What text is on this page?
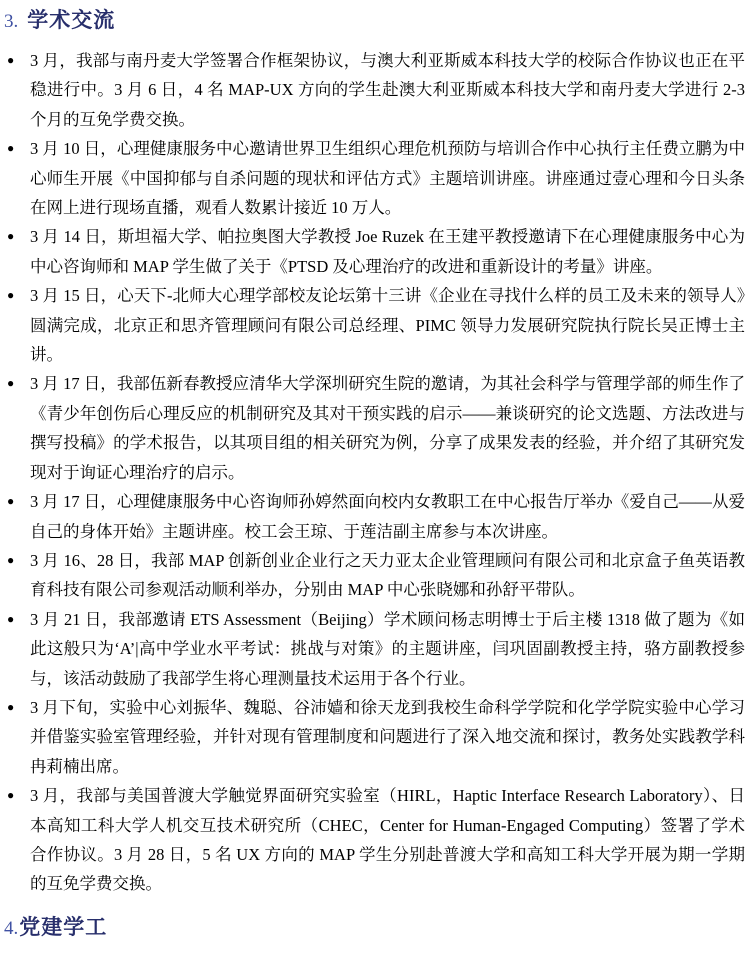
3. 学术交流
● 3 月，我部与南丹麦大学签署合作框架协议，与澳大利亚斯威本科技大学的校际合作协议也正在平稳进行中。3 月 6 日，4 名 MAP-UX 方向的学生赴澳大利亚斯威本科技大学和南丹麦大学进行 2-3 个月的互免学费交换。
● 3 月 10 日，心理健康服务中心邀请世界卫生组织心理危机预防与培训合作中心执行主任费立鹏为中心师生开展《中国抑郁与自杀问题的现状和评估方式》主题培训讲座。讲座通过壹心理和今日头条在网上进行现场直播，观看人数累计接近 10 万人。
● 3 月 14 日，斯坦福大学、帕拉奥图大学教授 Joe Ruzek 在王建平教授邀请下在心理健康服务中心为中心咨询师和 MAP 学生做了关于《PTSD 及心理治疗的改进和重新设计的考量》讲座。
● 3 月 15 日，心天下-北师大心理学部校友论坛第十三讲《企业在寻找什么样的员工及未来的领导人》圆满完成，北京正和思齐管理顾问有限公司总经理、PIMC 领导力发展研究院执行院长吴正博士主讲。
● 3 月 17 日，我部伍新春教授应清华大学深圳研究生院的邀请，为其社会科学与管理学部的师生作了《青少年创伤后心理反应的机制研究及其对干预实践的启示——兼谈研究的论文选题、方法改进与撰写投稿》的学术报告，以其项目组的相关研究为例，分享了成果发表的经验，并介绍了其研究发现对于询证心理治疗的启示。
● 3 月 17 日，心理健康服务中心咨询师孙婷然面向校内女教职工在中心报告厅举办《爱自己——从爱自己的身体开始》主题讲座。校工会王琼、于莲洁副主席参与本次讲座。
● 3 月 16、28 日，我部 MAP 创新创业企业行之天力亚太企业管理顾问有限公司和北京盒子鱼英语教育科技有限公司参观活动顺利举办，分别由 MAP 中心张晓娜和孙舒平带队。
● 3 月 21 日，我部邀请 ETS Assessment（Beijing）学术顾问杨志明博士于后主楼 1318 做了题为《如此这般只为‘A’|高中学业水平考试：挑战与对策》的主题讲座，闫巩固副教授主持，骆方副教授参与，该活动鼓励了我部学生将心理测量技术运用于各个行业。
● 3 月下旬，实验中心刘振华、魏聪、谷沛嫱和徐天龙到我校生命科学学院和化学学院实验中心学习并借鉴实验室管理经验，并针对现有管理制度和问题进行了深入地交流和探讨，教务处实践教学科冉莉楠出席。
● 3 月，我部与美国普渡大学触觉界面研究实验室（HIRL，Haptic Interface Research Laboratory）、日本高知工科大学人机交互技术研究所（CHEC，Center for Human-Engaged Computing）签署了学术合作协议。3 月 28 日，5 名 UX 方向的 MAP 学生分别赴普渡大学和高知工科大学开展为期一学期的互免学费交换。
4.党建学工
